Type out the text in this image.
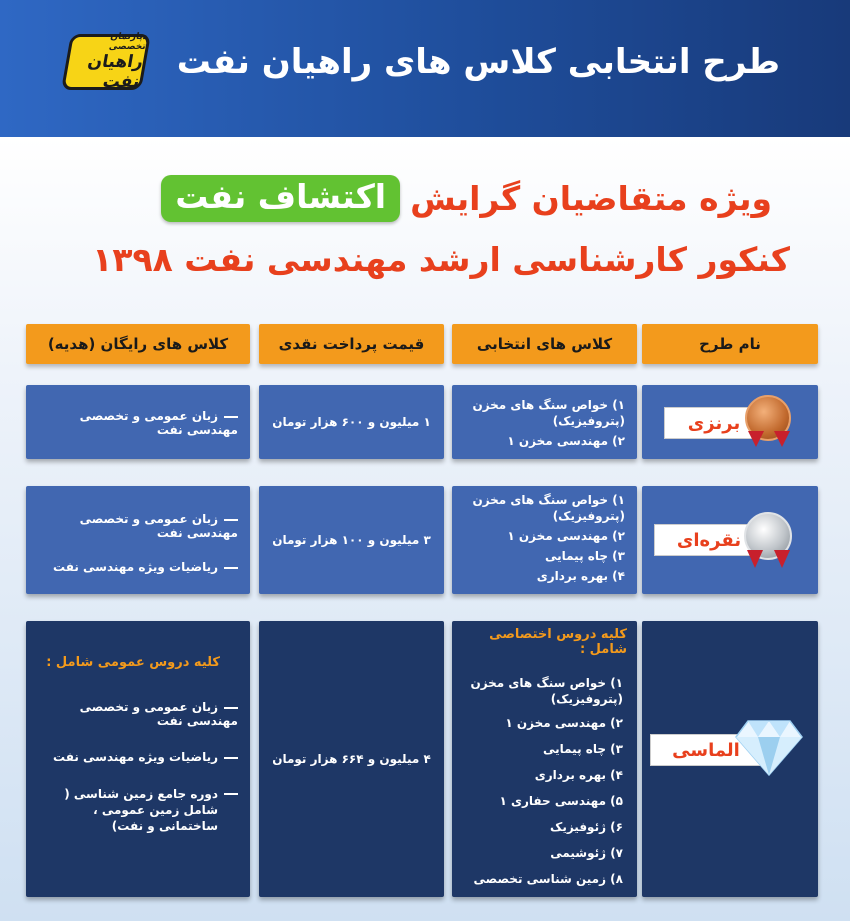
دپارتمان تخصصی
راهیان نفت طرح انتخابی کلاس های راهیان نفت
ویژه متقاضیان گرایش
اکتشاف نفت
کنکور کارشناسی ارشد مهندسی نفت ۱۳۹۸
نام طرح
کلاس های انتخابی
قیمت پرداخت نقدی
کلاس های رایگان (هدیه)
برنزی
۱) خواص سنگ های مخزن (پتروفیزیک)
۲) مهندسی مخزن ۱
۱ میلیون و ۶۰۰ هزار تومان
زبان عمومی و تخصصی مهندسی نفت
نقره‌ای
۱) خواص سنگ های مخزن (پتروفیزیک)
۲) مهندسی مخزن ۱
۳) چاه پیمایی
۴) بهره برداری
۳ میلیون و ۱۰۰ هزار تومان
زبان عمومی و تخصصی مهندسی نفت
ریاضیات ویژه مهندسی نفت
الماسی
کلیه دروس اختصاصی شامل :
۱) خواص سنگ های مخزن (پتروفیزیک)
۲) مهندسی مخزن ۱
۳) چاه پیمایی
۴) بهره برداری
۵) مهندسی حفاری ۱
۶) ژئوفیزیک
۷) ژئوشیمی
۸) زمین شناسی تخصصی
۴ میلیون و ۶۶۴ هزار تومان
کلیه دروس عمومی شامل :
زبان عمومی و تخصصی مهندسی نفت
ریاضیات ویژه مهندسی نفت
دوره جامع زمین شناسی ( شامل زمین عمومی ، ساختمانی و نفت)
